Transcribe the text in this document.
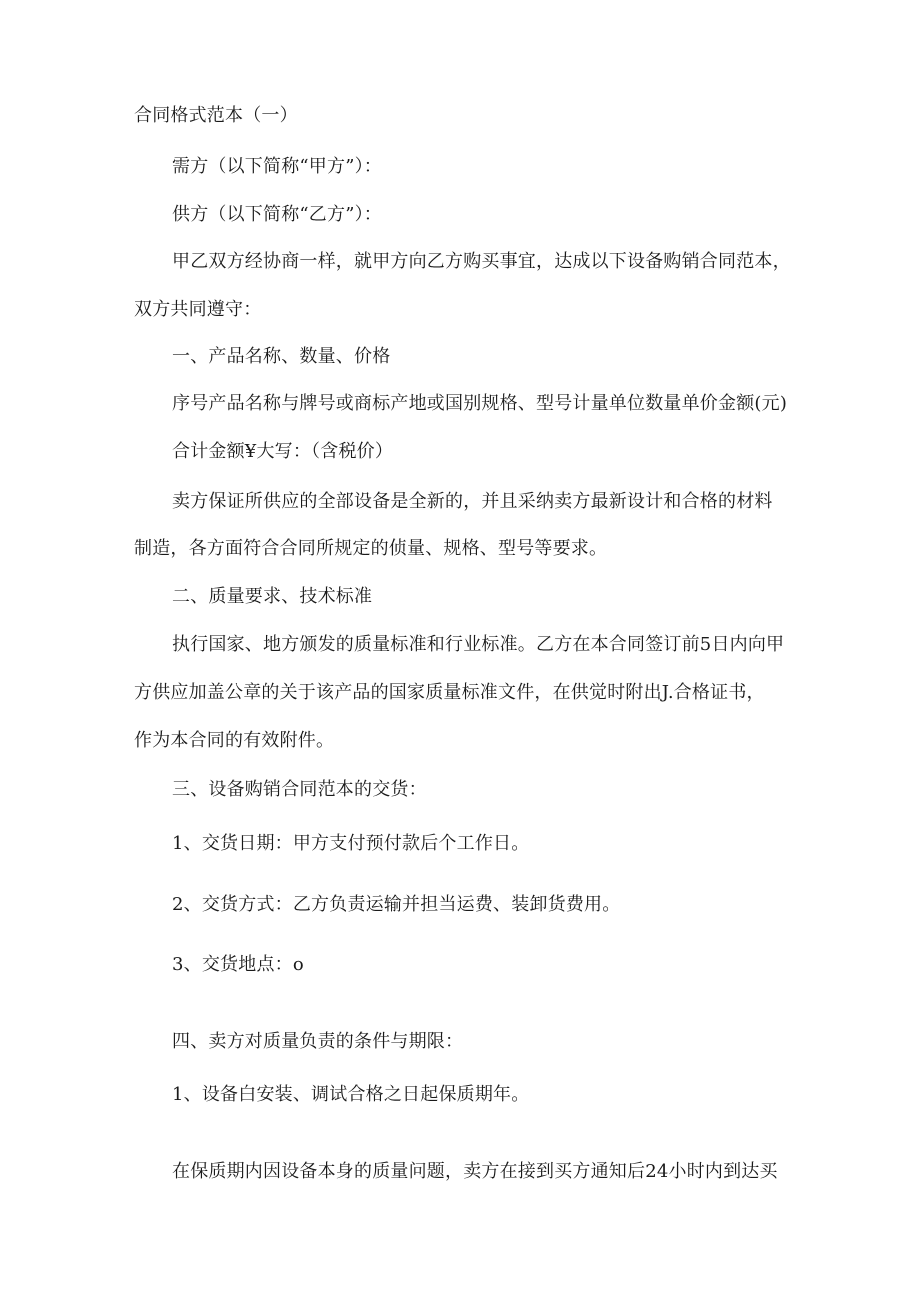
合同格式范本（一）
需方（以下简称“甲方”）：
供方（以下简称“乙方”）：
甲乙双方经协商一样，就甲方向乙方购买事宜，达成以下设备购销合同范本，
双方共同遵守：
一、产品名称、数量、价格
序号产品名称与牌号或商标产地或国别规格、型号计量单位数量单价金额(元)
合计金额¥大写：（含税价）
卖方保证所供应的全部设备是全新的，并且采纳卖方最新设计和合格的材料
制造，各方面符合合同所规定的侦量、规格、型号等要求。
二、质量要求、技术标准
执行国家、地方颁发的质量标准和行业标准。乙方在本合同签订前5日内向甲
方供应加盖公章的关于该产品的国家质量标准文件，在供觉时附出J.合格证书，
作为本合同的有效附件。
三、设备购销合同范本的交货：
1、交货日期：甲方支付预付款后个工作日。
2、交货方式：乙方负责运输并担当运费、装卸货费用。
3、交货地点：o
四、卖方对质量负责的条件与期限：
1、设备白安装、调试合格之日起保质期年。
在保质期内因设备本身的质量问题，卖方在接到买方通知后24小时内到达买
